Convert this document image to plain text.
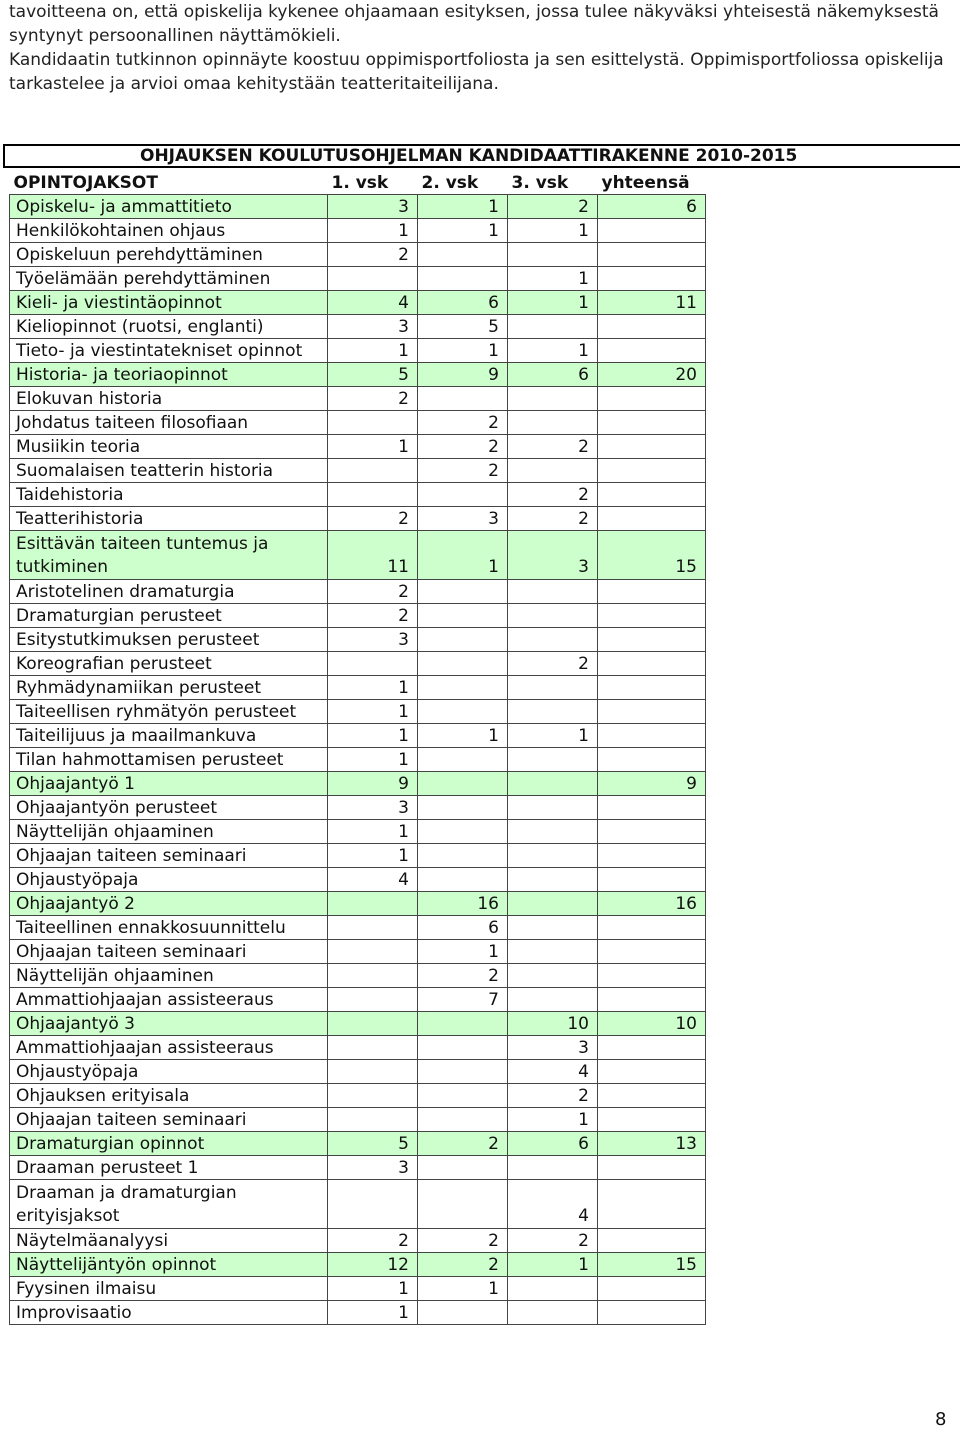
tavoitteena on, että opiskelija kykenee ohjaamaan esityksen, jossa tulee näkyväksi yhteisestä näkemyksestä

syntynyt persoonallinen näyttämökieli.

Kandidaatin tutkinnon opinnäyte koostuu oppimisportfoliosta ja sen esittelystä. Oppimisportfoliossa opiskelija

tarkastelee ja arvioi omaa kehitystään teatteritaiteilijana.

OHJAUKSEN KOULUTUSOHJELMAN KANDIDAATTIRAKENNE 2010-2015
OPINTOJAKSOT	1. vsk	2. vsk	3. vsk	yhteensä
Opiskelu- ja ammattitieto	3	1	2	6
Henkilökohtainen ohjaus	1	1	1	
Opiskeluun perehdyttäminen	2			
Työelämään perehdyttäminen			1	
Kieli- ja viestintäopinnot	4	6	1	11
Kieliopinnot (ruotsi, englanti)	3	5		
Tieto- ja viestintatekniset opinnot	1	1	1	
Historia- ja teoriaopinnot	5	9	6	20
Elokuvan historia	2			
Johdatus taiteen filosofiaan		2		
Musiikin teoria	1	2	2	
Suomalaisen teatterin historia		2		
Taidehistoria			2	
Teatterihistoria	2	3	2	
Esittävän taiteen tuntemus ja tutkiminen	11	1	3	15
Aristotelinen dramaturgia	2			
Dramaturgian perusteet	2			
Esitystutkimuksen perusteet	3			
Koreografian perusteet			2	
Ryhmädynamiikan perusteet	1			
Taiteellisen ryhmätyön perusteet	1			
Taiteilijuus ja maailmankuva	1	1	1	
Tilan hahmottamisen perusteet	1			
Ohjaajantyö 1	9			9
Ohjaajantyön perusteet	3			
Näyttelijän ohjaaminen	1			
Ohjaajan taiteen seminaari	1			
Ohjaustyöpaja	4			
Ohjaajantyö 2		16		16
Taiteellinen ennakkosuunnittelu		6		
Ohjaajan taiteen seminaari		1		
Näyttelijän ohjaaminen		2		
Ammattiohjaajan assisteeraus		7		
Ohjaajantyö 3			10	10
Ammattiohjaajan assisteeraus			3	
Ohjaustyöpaja			4	
Ohjauksen erityisala			2	
Ohjaajan taiteen seminaari			1	
Dramaturgian opinnot	5	2	6	13
Draaman perusteet 1	3			
Draaman ja dramaturgian erityisjaksot			4	
Näytelmäanalyysi	2	2	2	
Näyttelijäntyön opinnot	12	2	1	15
Fyysinen ilmaisu	1	1		
Improvisaatio	1			
8
